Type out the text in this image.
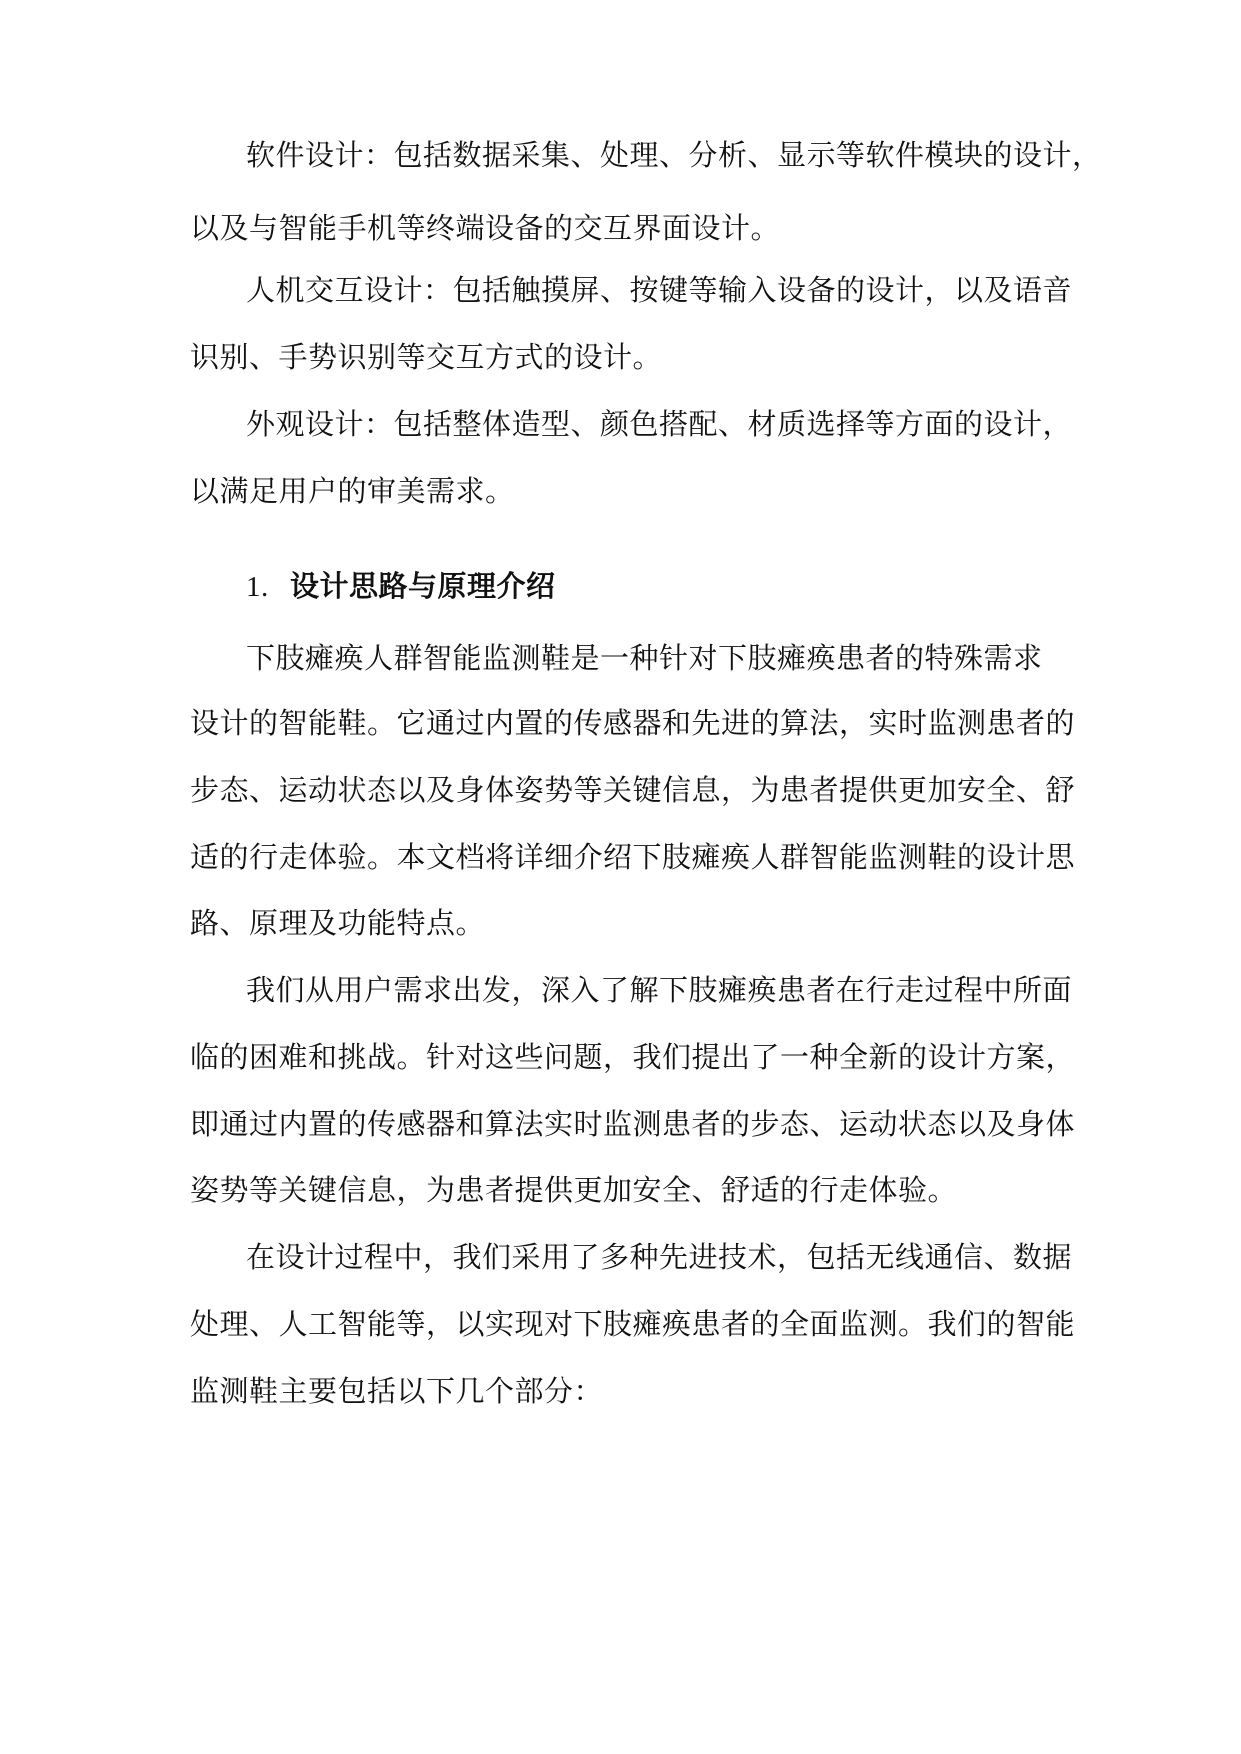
软件设计：包括数据采集、处理、分析、显示等软件模块的设计，
以及与智能手机等终端设备的交互界面设计。
人机交互设计：包括触摸屏、按键等输入设备的设计，以及语音
识别、手势识别等交互方式的设计。
外观设计：包括整体造型、颜色搭配、材质选择等方面的设计，
以满足用户的审美需求。
1. 设计思路与原理介绍
下肢瘫痪人群智能监测鞋是一种针对下肢瘫痪患者的特殊需求
设计的智能鞋。它通过内置的传感器和先进的算法，实时监测患者的
步态、运动状态以及身体姿势等关键信息，为患者提供更加安全、舒
适的行走体验。本文档将详细介绍下肢瘫痪人群智能监测鞋的设计思
路、原理及功能特点。
我们从用户需求出发，深入了解下肢瘫痪患者在行走过程中所面
临的困难和挑战。针对这些问题，我们提出了一种全新的设计方案，
即通过内置的传感器和算法实时监测患者的步态、运动状态以及身体
姿势等关键信息，为患者提供更加安全、舒适的行走体验。
在设计过程中，我们采用了多种先进技术，包括无线通信、数据
处理、人工智能等，以实现对下肢瘫痪患者的全面监测。我们的智能
监测鞋主要包括以下几个部分：
